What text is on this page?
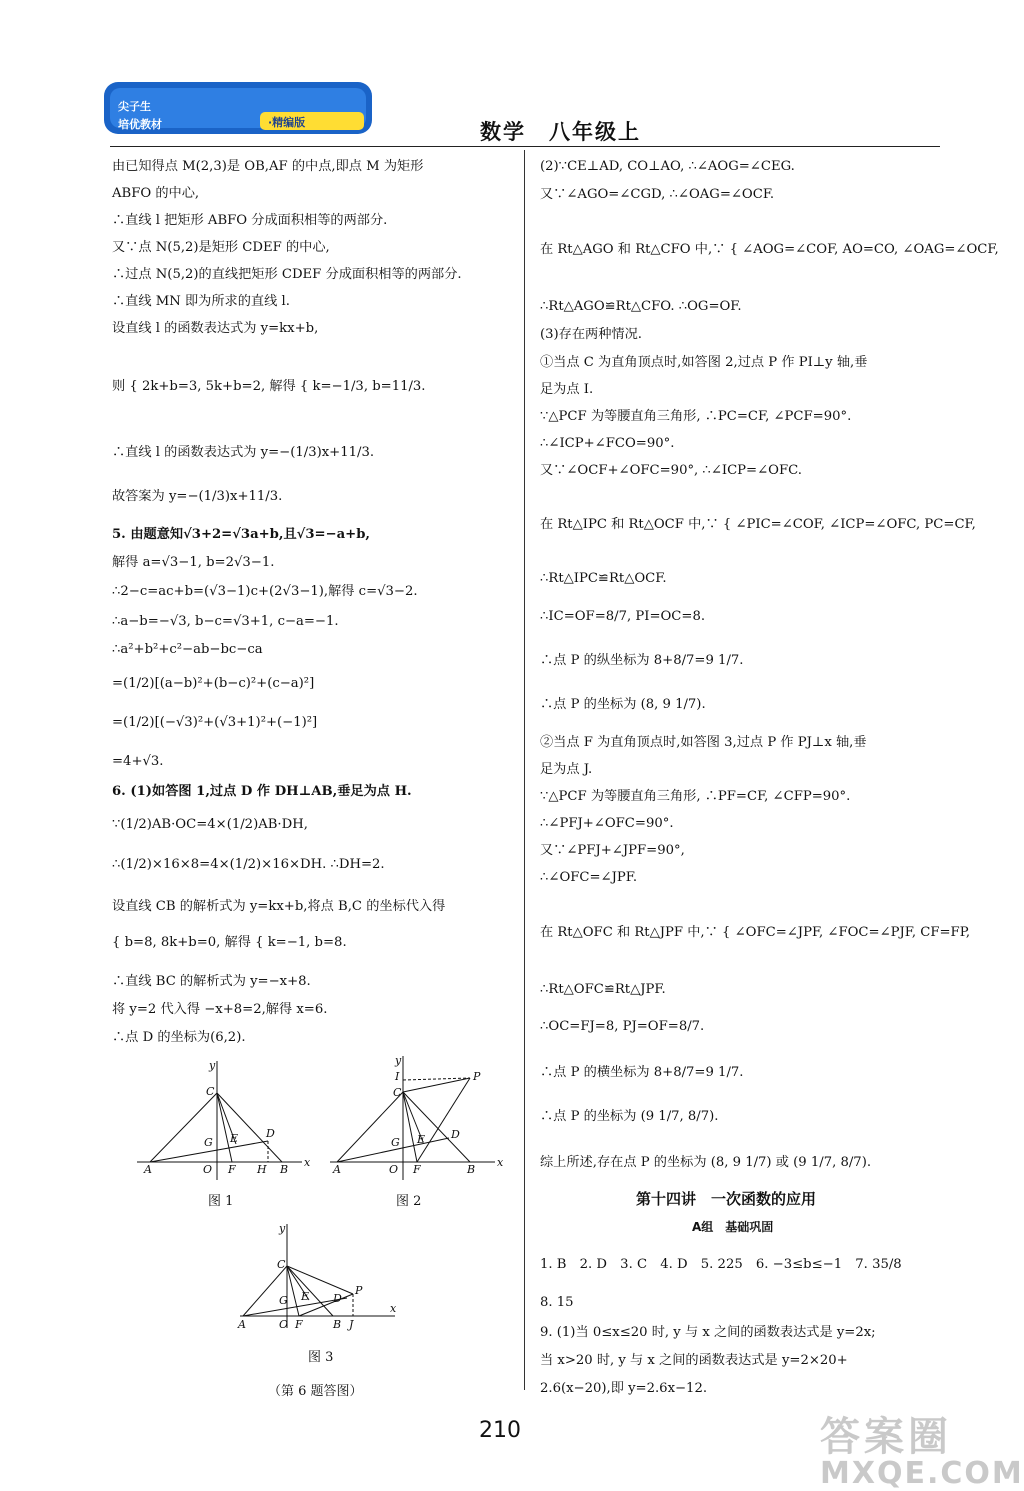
尖子生
培优教材	·精编版	数学　八年级上
由已知得点 M(2,3)是 OB,AF 的中点,即点 M 为矩形
ABFO 的中心,
∴直线 l 把矩形 ABFO 分成面积相等的两部分.
又∵点 N(5,2)是矩形 CDEF 的中心,
∴过点 N(5,2)的直线把矩形 CDEF 分成面积相等的两部分.
∴直线 MN 即为所求的直线 l.
设直线 l 的函数表达式为 y=kx+b,
则 { 2k+b=3, 5k+b=2, 解得 { k=−1/3, b=11/3.
∴直线 l 的函数表达式为 y=−(1/3)x+11/3.
故答案为 y=−(1/3)x+11/3.
5. 由题意知√3+2=√3a+b,且√3=−a+b,
解得 a=√3−1, b=2√3−1.
∴2−c=ac+b=(√3−1)c+(2√3−1),解得 c=√3−2.
∴a−b=−√3, b−c=√3+1, c−a=−1.
∴a²+b²+c²−ab−bc−ca
=(1/2)[(a−b)²+(b−c)²+(c−a)²]
=(1/2)[(−√3)²+(√3+1)²+(−1)²]
=4+√3.
6. (1)如答图 1,过点 D 作 DH⊥AB,垂足为点 H.
∵(1/2)AB·OC=4×(1/2)AB·DH,
∴(1/2)×16×8=4×(1/2)×16×DH. ∴DH=2.
设直线 CB 的解析式为 y=kx+b,将点 B,C 的坐标代入得
{ b=8, 8k+b=0, 解得 { k=−1, b=8.
∴直线 BC 的解析式为 y=−x+8.
将 y=2 代入得 −x+8=2,解得 x=6.
∴点 D 的坐标为(6,2).
y
x
C
A	O F H B
G E	D
图 1
y
x
I
C
P
A	O F	B
G E D
图 2
y
x
C
P
A	O F	B J
G E D
图 3
（第 6 题答图）
(2)∵CE⊥AD, CO⊥AO, ∴∠AOG=∠CEG.
又∵∠AGO=∠CGD, ∴∠OAG=∠OCF.
在 Rt△AGO 和 Rt△CFO 中,∵ { ∠AOG=∠COF, AO=CO, ∠OAG=∠OCF,
∴Rt△AGO≌Rt△CFO. ∴OG=OF.
(3)存在两种情况.
①当点 C 为直角顶点时,如答图 2,过点 P 作 PI⊥y 轴,垂
足为点 I.
∵△PCF 为等腰直角三角形, ∴PC=CF, ∠PCF=90°.
∴∠ICP+∠FCO=90°.
又∵∠OCF+∠OFC=90°, ∴∠ICP=∠OFC.
在 Rt△IPC 和 Rt△OCF 中,∵ { ∠PIC=∠COF, ∠ICP=∠OFC, PC=CF,
∴Rt△IPC≌Rt△OCF.
∴IC=OF=8/7, PI=OC=8.
∴点 P 的纵坐标为 8+8/7=9 1/7.
∴点 P 的坐标为 (8, 9 1/7).
②当点 F 为直角顶点时,如答图 3,过点 P 作 PJ⊥x 轴,垂
足为点 J.
∵△PCF 为等腰直角三角形, ∴PF=CF, ∠CFP=90°.
∴∠PFJ+∠OFC=90°.
又∵∠PFJ+∠JPF=90°,
∴∠OFC=∠JPF.
在 Rt△OFC 和 Rt△JPF 中,∵ { ∠OFC=∠JPF, ∠FOC=∠PJF, CF=FP,
∴Rt△OFC≌Rt△JPF.
∴OC=FJ=8, PJ=OF=8/7.
∴点 P 的横坐标为 8+8/7=9 1/7.
∴点 P 的坐标为 (9 1/7, 8/7).
综上所述,存在点 P 的坐标为 (8, 9 1/7) 或 (9 1/7, 8/7).
第十四讲　一次函数的应用
A组　基础巩固
1. B　2. D　3. C　4. D　5. 225　6. −3≤b≤−1　7. 35/8
8. 15
9. (1)当 0≤x≤20 时, y 与 x 之间的函数表达式是 y=2x;
当 x>20 时, y 与 x 之间的函数表达式是 y=2×20+
2.6(x−20),即 y=2.6x−12.
210	答案圈
MXQE.COM
